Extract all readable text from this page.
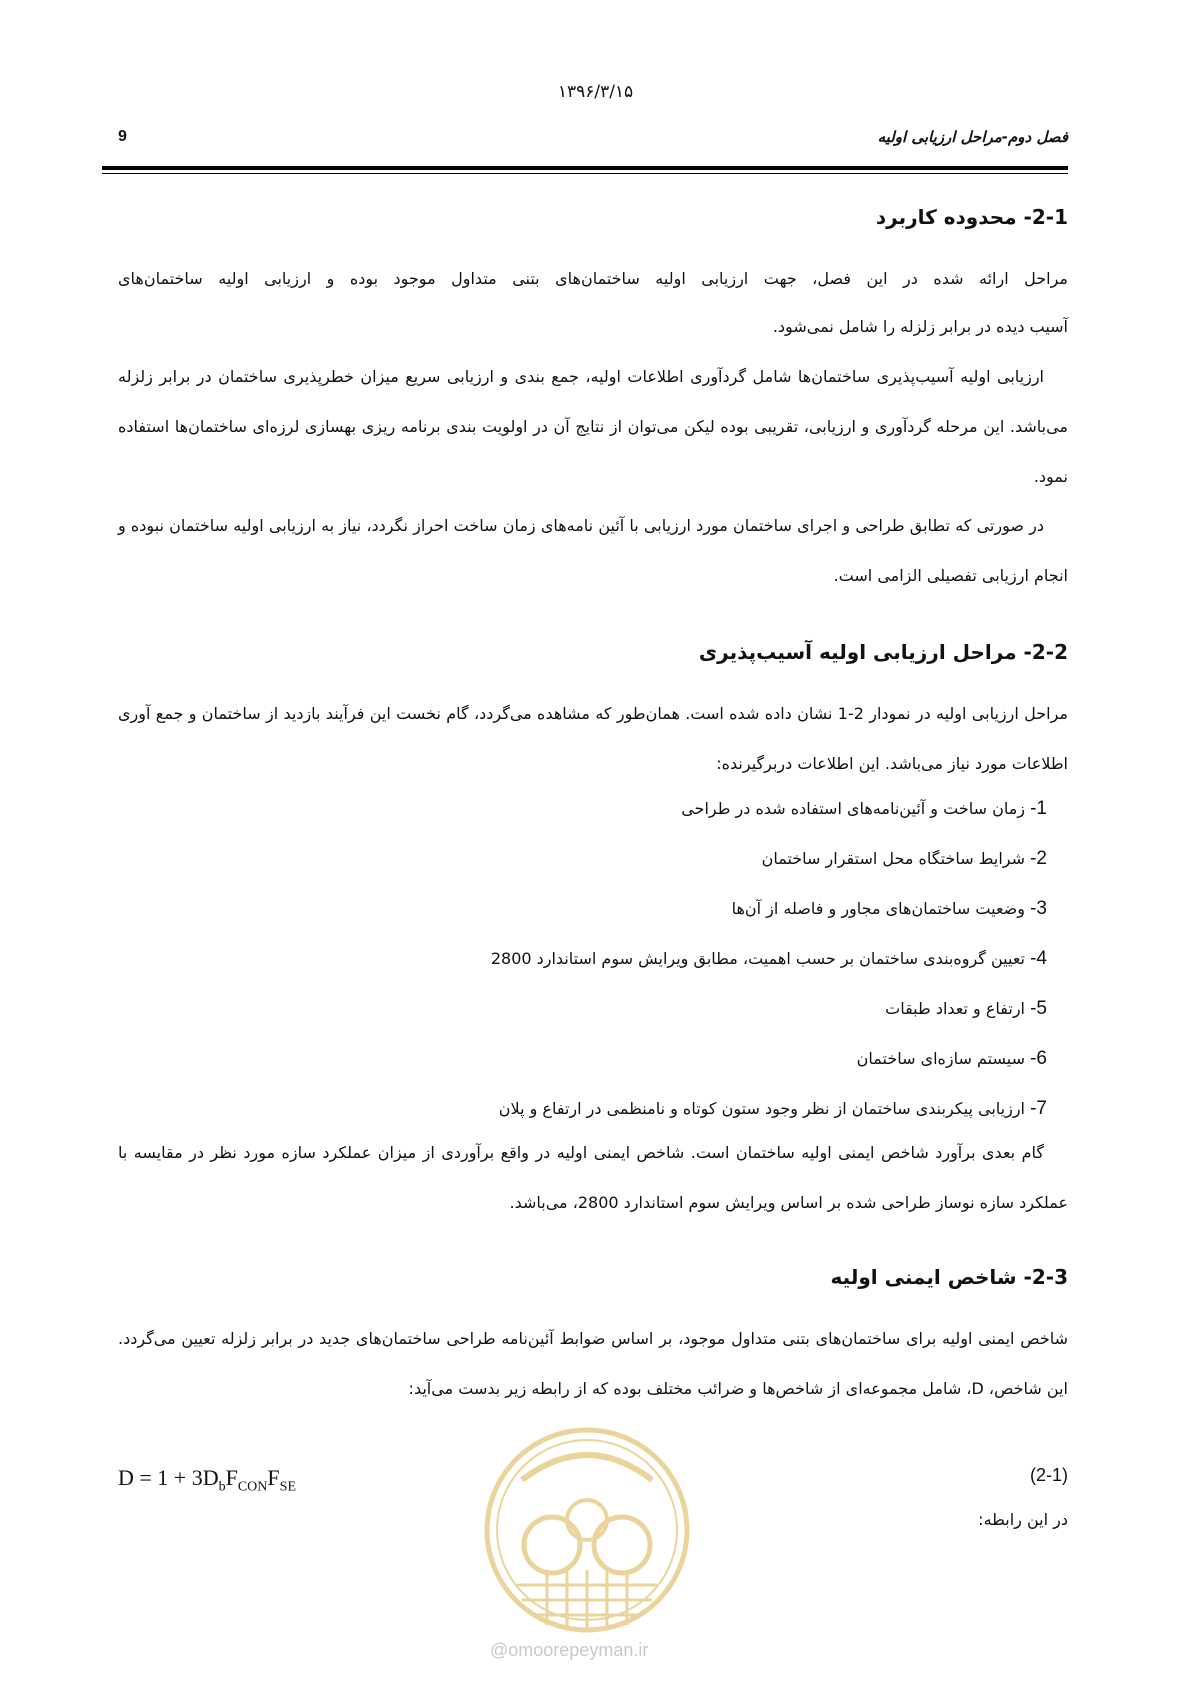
۱۳۹۶/۳/۱۵
فصل دوم-مراحل ارزیابی اولیه
9
2-1- محدوده کاربرد
مراحل ارائه شده در این فصل، جهت ارزیابی اولیه ساختمان‌های بتنی متداول موجود بوده و ارزیابی اولیه ساختمان‌های
آسیب دیده در برابر زلزله را شامل نمی‌شود.
ارزیابی اولیه آسیب‌پذیری ساختمان‌ها شامل گردآوری اطلاعات اولیه، جمع بندی و ارزیابی سریع میزان خطرپذیری ساختمان در برابر زلزله می‌باشد. این مرحله گردآوری و ارزیابی، تقریبی بوده لیکن می‌توان از نتایج آن در اولویت بندی برنامه ریزی بهسازی لرزه‌ای ساختمان‌ها استفاده نمود.
در صورتی که تطابق طراحی و اجرای ساختمان مورد ارزیابی با آئین نامه‌های زمان ساخت احراز نگردد، نیاز به ارزیابی اولیه ساختمان نبوده و انجام ارزیابی تفصیلی الزامی است.
2-2- مراحل ارزیابی اولیه آسیب‌پذیری
مراحل ارزیابی اولیه در نمودار 2-1 نشان داده شده است. همان‌طور که مشاهده می‌گردد، گام نخست این فرآیند بازدید از ساختمان و جمع آوری اطلاعات مورد نیاز می‌باشد. این اطلاعات دربرگیرنده:
1- زمان ساخت و آئین‌نامه‌های استفاده شده در طراحی
2- شرایط ساختگاه محل استقرار ساختمان
3- وضعیت ساختمان‌های مجاور و فاصله از آن‌ها
4- تعیین گروه‌بندی ساختمان بر حسب اهمیت، مطابق ویرایش سوم استاندارد 2800
5- ارتفاع و تعداد طبقات
6- سیستم سازه‌ای ساختمان
7- ارزیابی پیکربندی ساختمان از نظر وجود ستون کوتاه و نامنظمی در ارتفاع و پلان
گام بعدی برآورد شاخص ایمنی اولیه ساختمان است. شاخص ایمنی اولیه در واقع برآوردی از میزان عملکرد سازه مورد نظر در مقایسه با عملکرد سازه نوساز طراحی شده بر اساس ویرایش سوم استاندارد 2800، می‌باشد.
2-3- شاخص ایمنی اولیه
شاخص ایمنی اولیه برای ساختمان‌های بتنی متداول موجود، بر اساس ضوابط آئین‌نامه طراحی ساختمان‌های جدید در برابر زلزله تعیین می‌گردد. این شاخص، D، شامل مجموعه‌ای از شاخص‌ها و ضرائب مختلف بوده که از رابطه زیر بدست می‌آید:
$D = 1 + 3D_bF_{CON}F_{SE}$
(2-1)
در این رابطه:
@omoorepeyman.ir
